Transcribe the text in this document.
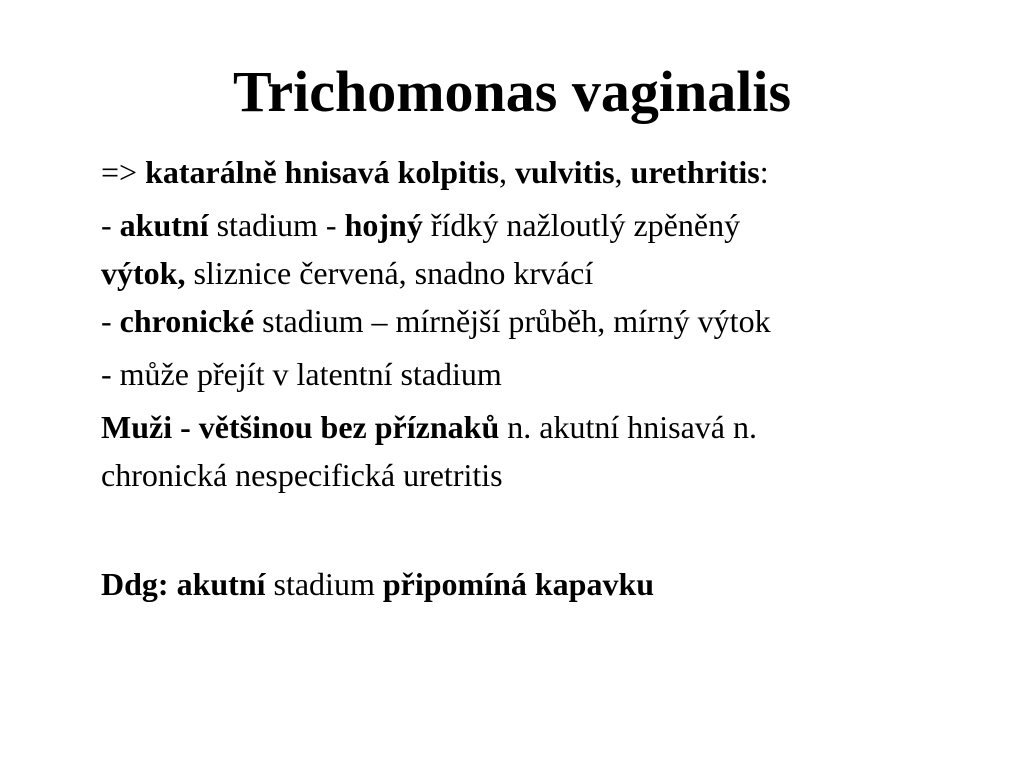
Trichomonas vaginalis
=> katarálně hnisavá kolpitis, vulvitis, urethritis:
- akutní stadium - hojný řídký nažloutlý zpěněný
výtok, sliznice červená, snadno krvácí
- chronické stadium – mírnější průběh, mírný výtok
- může přejít v latentní stadium
Muži - většinou bez příznaků n. akutní hnisavá n.
chronická nespecifická uretritis
Ddg: akutní stadium připomíná kapavku
